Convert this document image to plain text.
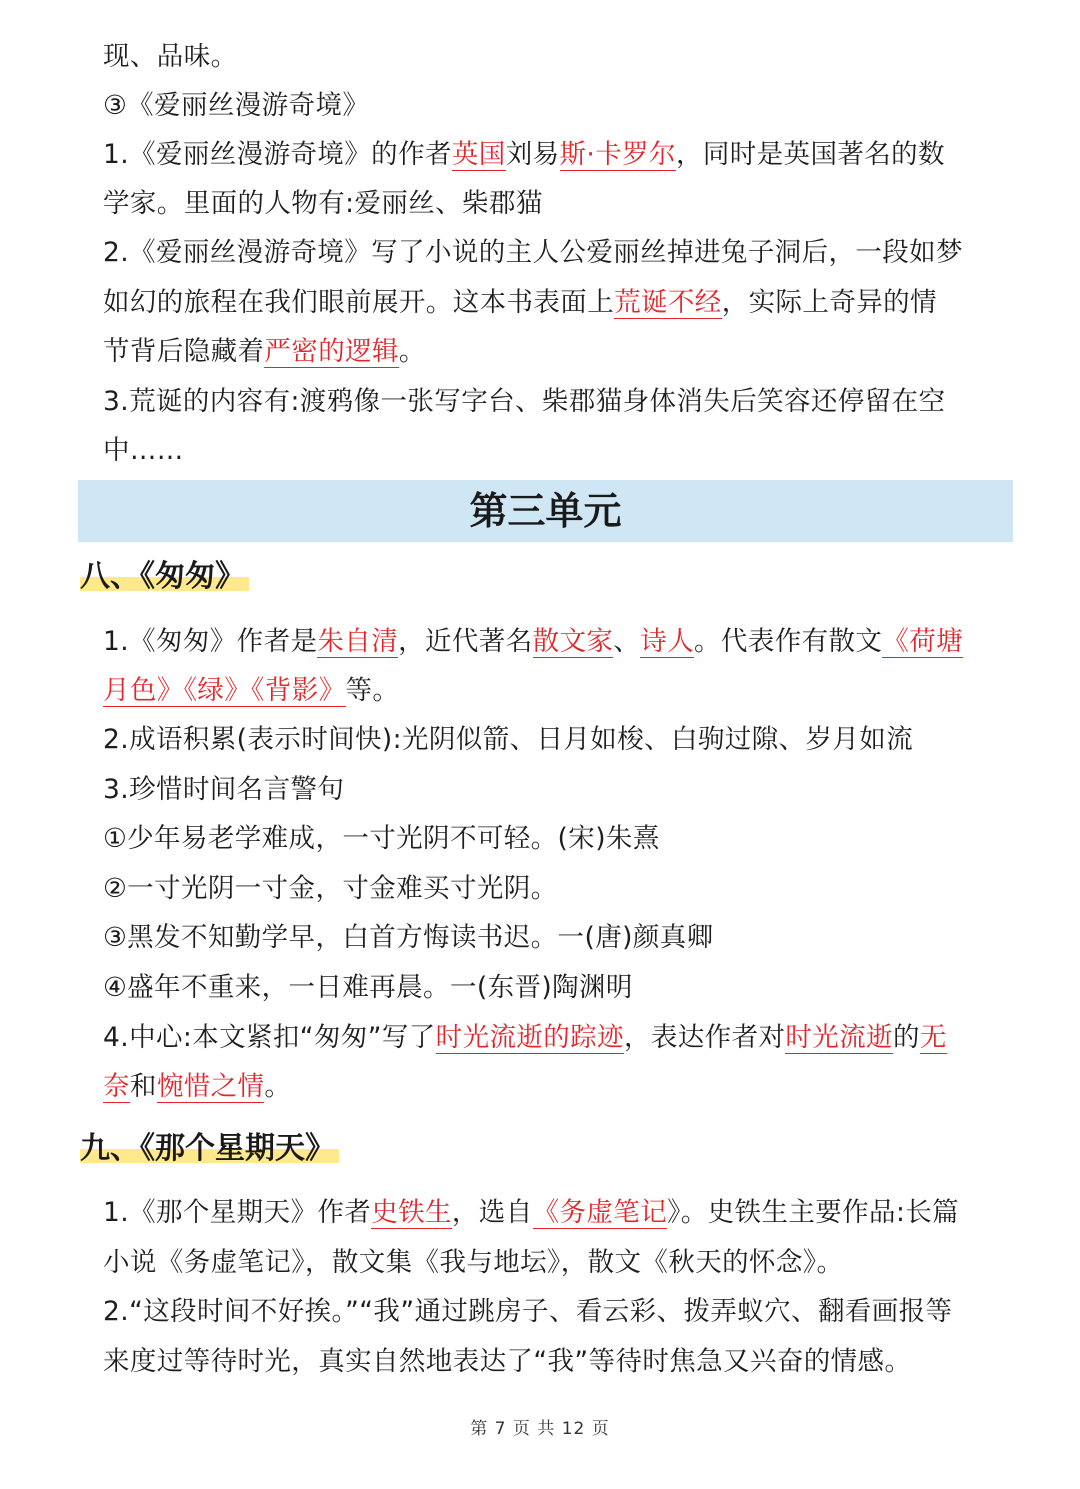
现、品味。
③《爱丽丝漫游奇境》
1.《爱丽丝漫游奇境》的作者英国刘易斯·卡罗尔，同时是英国著名的数
学家。里面的人物有:爱丽丝、柴郡猫
2.《爱丽丝漫游奇境》写了小说的主人公爱丽丝掉进兔子洞后，一段如梦
如幻的旅程在我们眼前展开。这本书表面上荒诞不经，实际上奇异的情
节背后隐藏着严密的逻辑。
3.荒诞的内容有:渡鸦像一张写字台、柴郡猫身体消失后笑容还停留在空
中……
第三单元
八、《匆匆》
1.《匆匆》作者是朱自清，近代著名散文家、诗人。代表作有散文《荷塘
月色》《绿》《背影》等。
2.成语积累(表示时间快):光阴似箭、日月如梭、白驹过隙、岁月如流
3.珍惜时间名言警句
①少年易老学难成，一寸光阴不可轻。(宋)朱熹
②一寸光阴一寸金，寸金难买寸光阴。
③黑发不知勤学早，白首方悔读书迟。一(唐)颜真卿
④盛年不重来，一日难再晨。一(东晋)陶渊明
4.中心:本文紧扣“匆匆”写了时光流逝的踪迹，表达作者对时光流逝的无
奈和惋惜之情。
九、《那个星期天》
1.《那个星期天》作者史铁生，选自《务虚笔记》。史铁生主要作品:长篇
小说《务虚笔记》，散文集《我与地坛》，散文《秋天的怀念》。
2.“这段时间不好挨。”“我”通过跳房子、看云彩、拨弄蚁穴、翻看画报等
来度过等待时光，真实自然地表达了“我”等待时焦急又兴奋的情感。
第 7 页 共 12 页
